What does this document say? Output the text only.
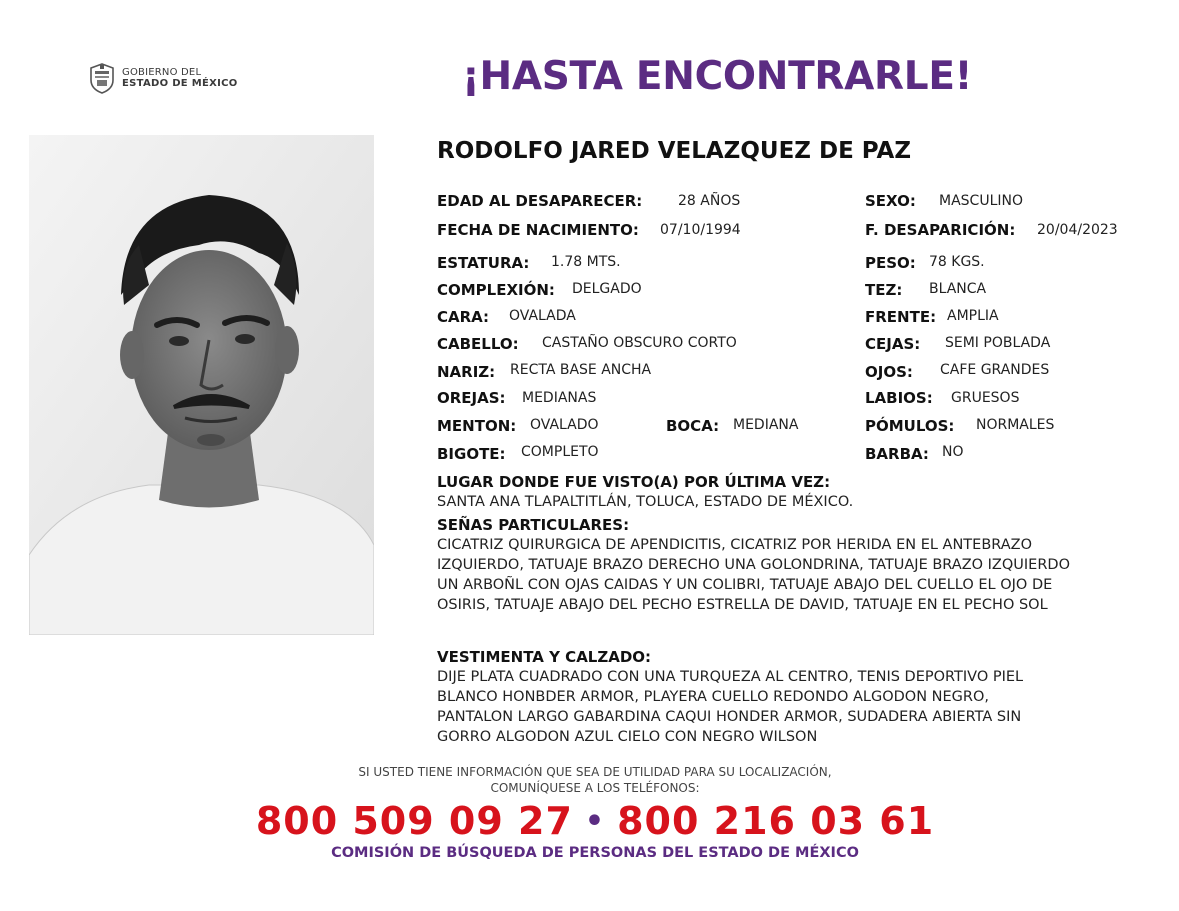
GOBIERNO DEL
ESTADO DE MÉXICO	¡HASTA ENCONTRARLE!
RODOLFO JARED VELAZQUEZ DE PAZ
EDAD AL DESAPARECER:	28 AÑOS	SEXO: MASCULINO
FECHA DE NACIMIENTO: 07/10/1994	F. DESAPARICIÓN: 20/04/2023
ESTATURA: 1.78 MTS.	PESO: 78 KGS.
COMPLEXIÓN: DELGADO	TEZ: BLANCA
CARA: OVALADA	FRENTE: AMPLIA
CABELLO: CASTAÑO OBSCURO CORTO	CEJAS: SEMI POBLADA
NARIZ: RECTA BASE ANCHA	OJOS: CAFE GRANDES
OREJAS: MEDIANAS	LABIOS: GRUESOS
MENTON: OVALADO	BOCA: MEDIANA	PÓMULOS: NORMALES
BIGOTE: COMPLETO	BARBA: NO
LUGAR DONDE FUE VISTO(A) POR ÚLTIMA VEZ:
SANTA ANA TLAPALTITLÁN, TOLUCA, ESTADO DE MÉXICO.
SEÑAS PARTICULARES:
CICATRIZ QUIRURGICA DE APENDICITIS, CICATRIZ POR HERIDA EN EL ANTEBRAZO
IZQUIERDO, TATUAJE BRAZO DERECHO UNA GOLONDRINA, TATUAJE BRAZO IZQUIERDO
UN ARBOÑL CON OJAS CAIDAS Y UN COLIBRI, TATUAJE ABAJO DEL CUELLO EL OJO DE
OSIRIS, TATUAJE ABAJO DEL PECHO ESTRELLA DE DAVID, TATUAJE EN EL PECHO SOL
VESTIMENTA Y CALZADO:
DIJE PLATA CUADRADO CON UNA TURQUEZA AL CENTRO, TENIS DEPORTIVO PIEL
BLANCO HONBDER ARMOR, PLAYERA CUELLO REDONDO ALGODON NEGRO,
PANTALON LARGO GABARDINA CAQUI HONDER ARMOR, SUDADERA ABIERTA SIN
GORRO ALGODON AZUL CIELO CON NEGRO WILSON
SI USTED TIENE INFORMACIÓN QUE SEA DE UTILIDAD PARA SU LOCALIZACIÓN,
COMUNÍQUESE A LOS TELÉFONOS:
800 509 09 27 • 800 216 03 61
COMISIÓN DE BÚSQUEDA DE PERSONAS DEL ESTADO DE MÉXICO
